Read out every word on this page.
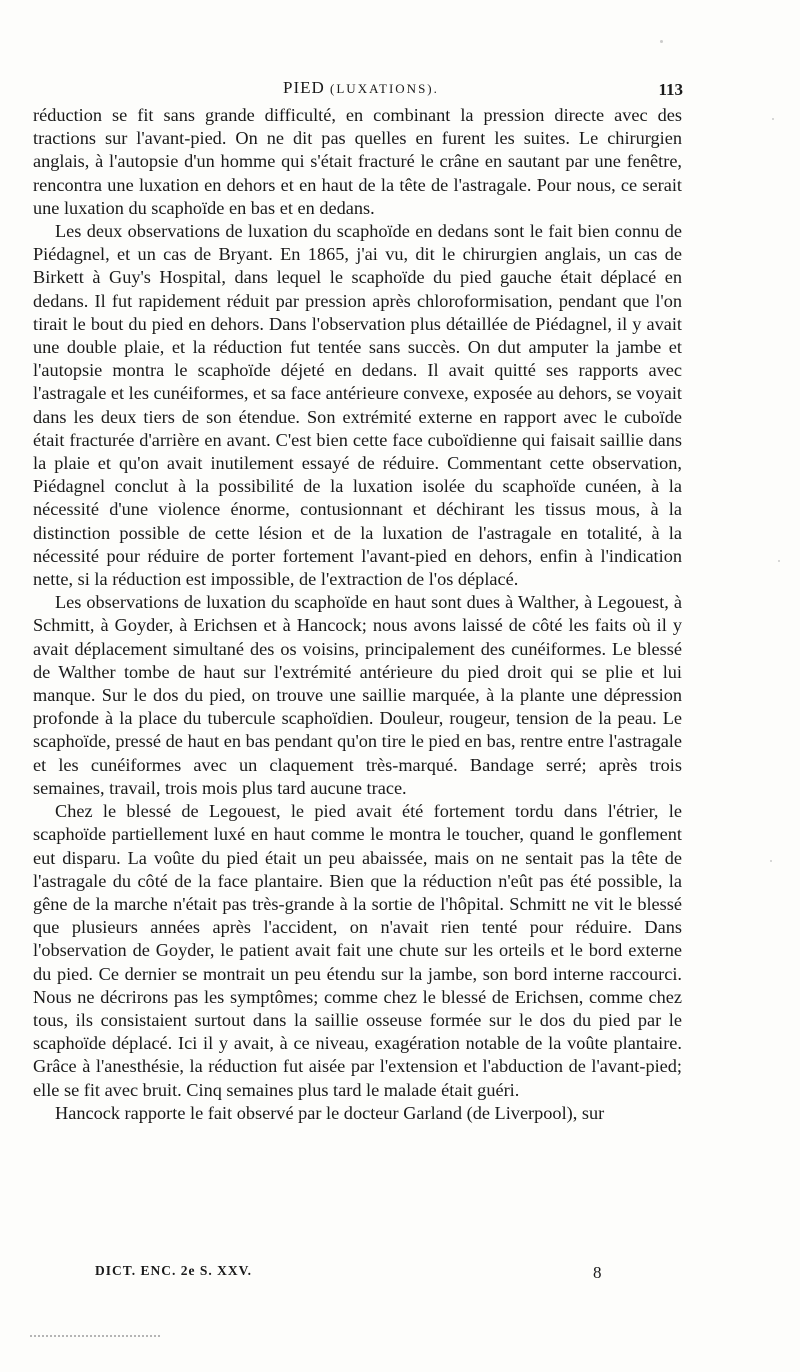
PIED (LUXATIONS).	113

réduction se fit sans grande difficulté, en combinant la pression directe avec des tractions sur l'avant-pied. On ne dit pas quelles en furent les suites. Le chirurgien anglais, à l'autopsie d'un homme qui s'était fracturé le crâne en sautant par une fenêtre, rencontra une luxation en dehors et en haut de la tête de l'astragale. Pour nous, ce serait une luxation du scaphoïde en bas et en dedans.

Les deux observations de luxation du scaphoïde en dedans sont le fait bien connu de Piédagnel, et un cas de Bryant. En 1865, j'ai vu, dit le chirurgien anglais, un cas de Birkett à Guy's Hospital, dans lequel le scaphoïde du pied gauche était déplacé en dedans. Il fut rapidement réduit par pression après chloroformisation, pendant que l'on tirait le bout du pied en dehors. Dans l'observation plus détaillée de Piédagnel, il y avait une double plaie, et la réduction fut tentée sans succès. On dut amputer la jambe et l'autopsie montra le scaphoïde déjeté en dedans. Il avait quitté ses rapports avec l'astragale et les cunéiformes, et sa face antérieure convexe, exposée au dehors, se voyait dans les deux tiers de son étendue. Son extrémité externe en rapport avec le cuboïde était fracturée d'arrière en avant. C'est bien cette face cuboïdienne qui faisait saillie dans la plaie et qu'on avait inutilement essayé de réduire. Commentant cette observation, Piédagnel conclut à la possibilité de la luxation isolée du scaphoïde cunéen, à la nécessité d'une violence énorme, contusionnant et déchirant les tissus mous, à la distinction possible de cette lésion et de la luxation de l'astragale en totalité, à la nécessité pour réduire de porter fortement l'avant-pied en dehors, enfin à l'indication nette, si la réduction est impossible, de l'extraction de l'os déplacé.

Les observations de luxation du scaphoïde en haut sont dues à Walther, à Legouest, à Schmitt, à Goyder, à Erichsen et à Hancock; nous avons laissé de côté les faits où il y avait déplacement simultané des os voisins, principalement des cunéiformes. Le blessé de Walther tombe de haut sur l'extrémité antérieure du pied droit qui se plie et lui manque. Sur le dos du pied, on trouve une saillie marquée, à la plante une dépression profonde à la place du tubercule scaphoïdien. Douleur, rougeur, tension de la peau. Le scaphoïde, pressé de haut en bas pendant qu'on tire le pied en bas, rentre entre l'astragale et les cunéiformes avec un claquement très-marqué. Bandage serré; après trois semaines, travail, trois mois plus tard aucune trace.

Chez le blessé de Legouest, le pied avait été fortement tordu dans l'étrier, le scaphoïde partiellement luxé en haut comme le montra le toucher, quand le gonflement eut disparu. La voûte du pied était un peu abaissée, mais on ne sentait pas la tête de l'astragale du côté de la face plantaire. Bien que la réduction n'eût pas été possible, la gêne de la marche n'était pas très-grande à la sortie de l'hôpital. Schmitt ne vit le blessé que plusieurs années après l'accident, on n'avait rien tenté pour réduire. Dans l'observation de Goyder, le patient avait fait une chute sur les orteils et le bord externe du pied. Ce dernier se montrait un peu étendu sur la jambe, son bord interne raccourci. Nous ne décrirons pas les symptômes; comme chez le blessé de Erichsen, comme chez tous, ils consistaient surtout dans la saillie osseuse formée sur le dos du pied par le scaphoïde déplacé. Ici il y avait, à ce niveau, exagération notable de la voûte plantaire. Grâce à l'anesthésie, la réduction fut aisée par l'extension et l'abduction de l'avant-pied; elle se fit avec bruit. Cinq semaines plus tard le malade était guéri.

Hancock rapporte le fait observé par le docteur Garland (de Liverpool), sur

DICT. ENC. 2e S. XXV.	8
